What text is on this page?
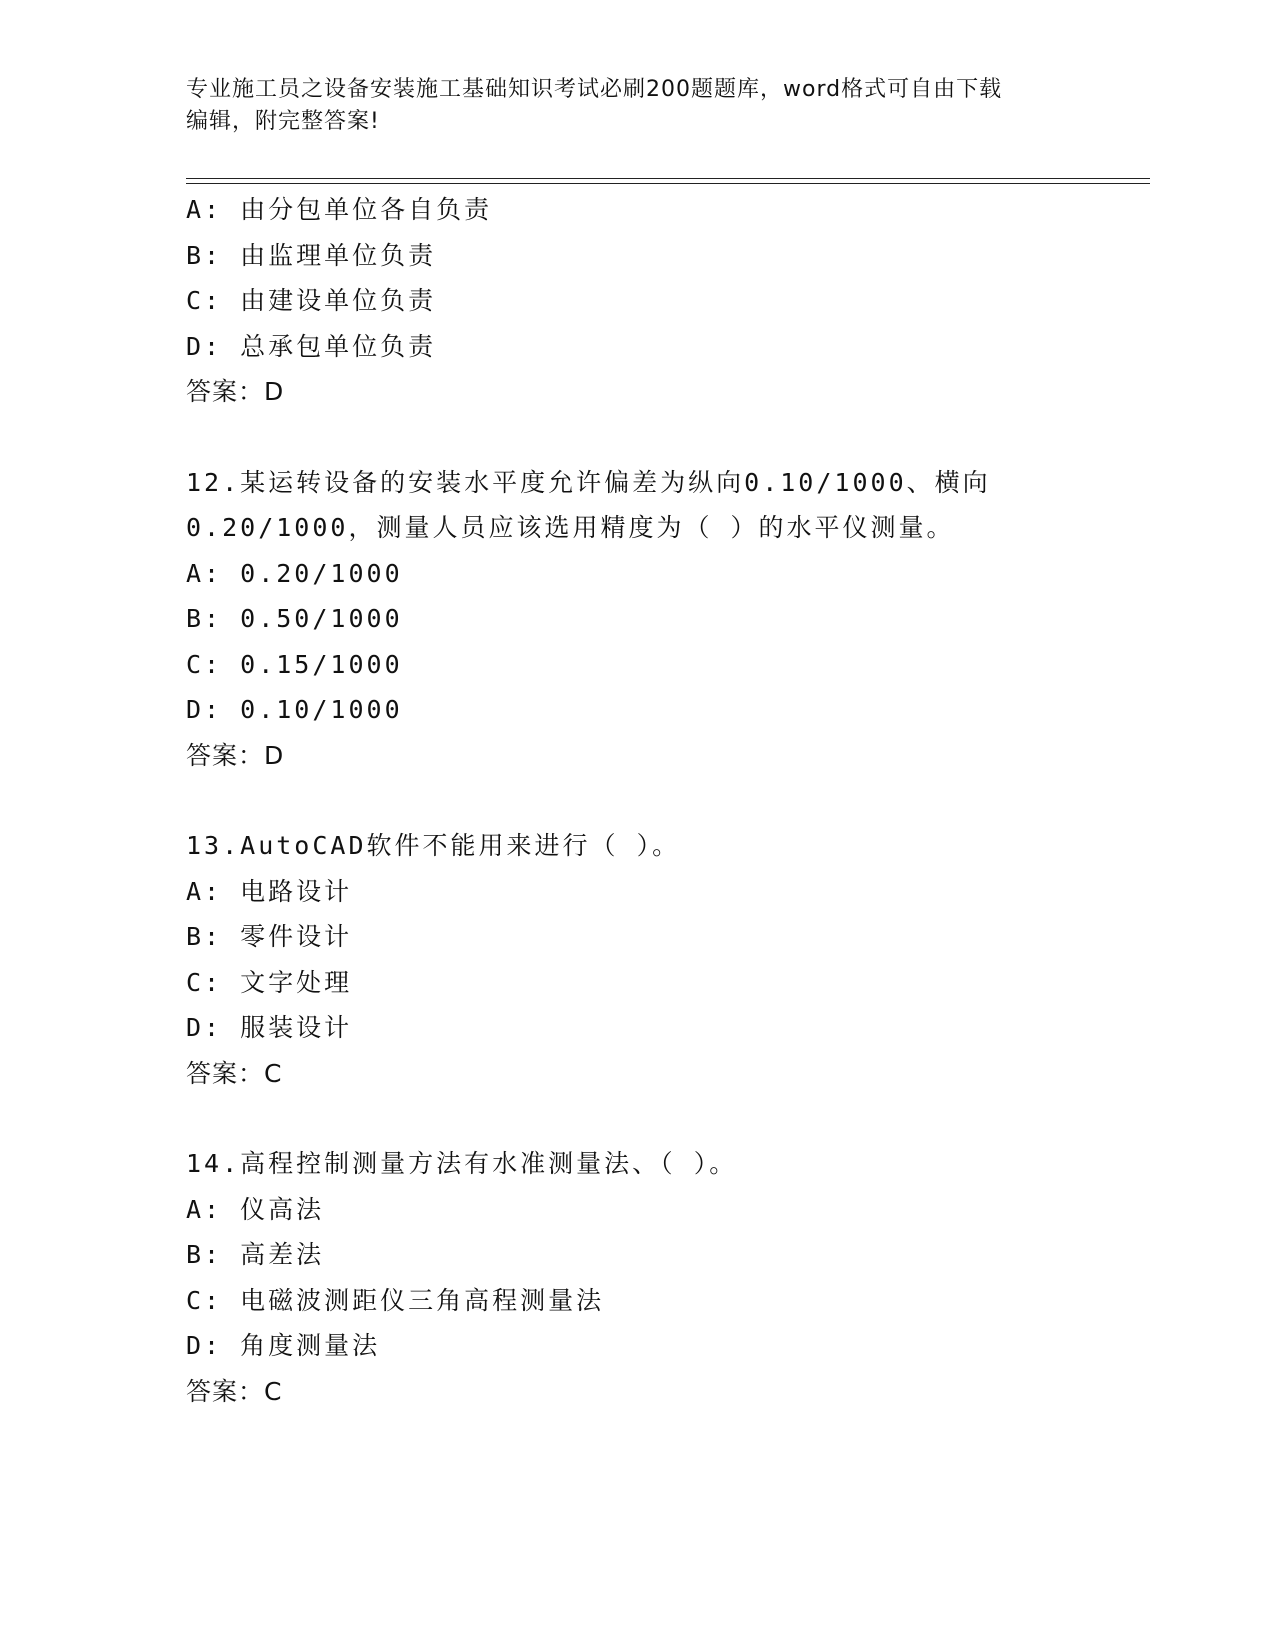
专业施工员之设备安装施工基础知识考试必刷200题题库，word格式可自由下载
编辑，附完整答案!
A: 由分包单位各自负责
B: 由监理单位负责
C: 由建设单位负责
D: 总承包单位负责
答案：D
12.某运转设备的安装水平度允许偏差为纵向0.10/1000、横向
0.20/1000，测量人员应该选用精度为（ ）的水平仪测量。
A: 0.20/1000
B: 0.50/1000
C: 0.15/1000
D: 0.10/1000
答案：D
13.AutoCAD软件不能用来进行（ ）。
A: 电路设计
B: 零件设计
C: 文字处理
D: 服装设计
答案：C
14.高程控制测量方法有水准测量法、（ ）。
A: 仪高法
B: 高差法
C: 电磁波测距仪三角高程测量法
D: 角度测量法
答案：C
